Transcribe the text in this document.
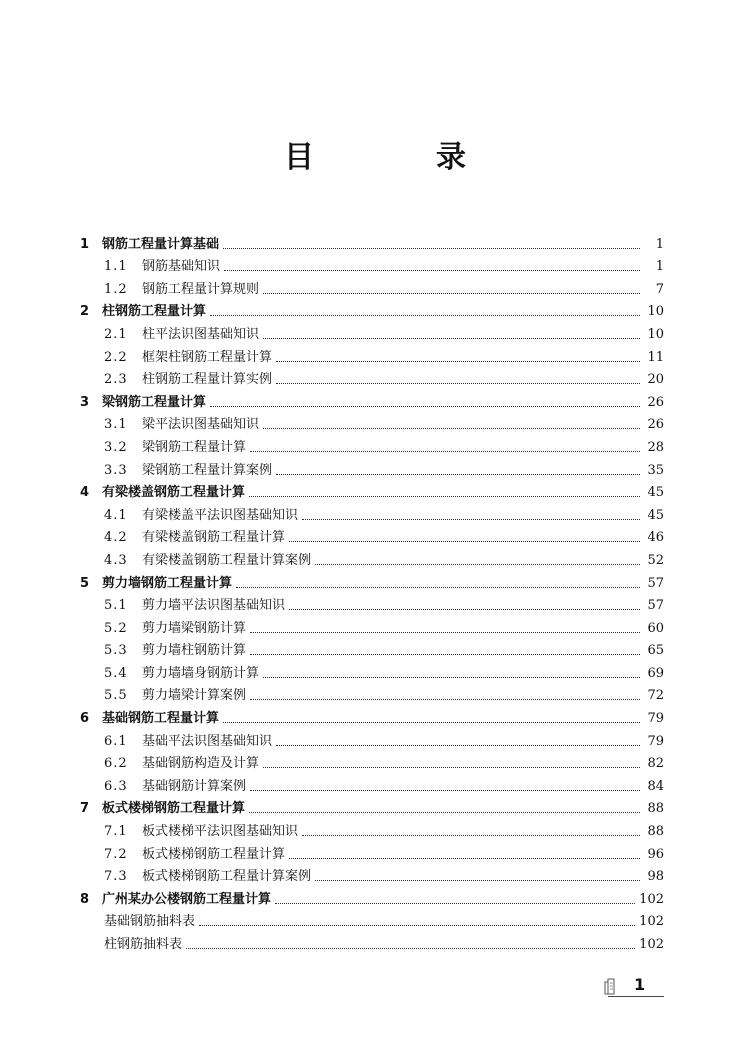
目　录
1 钢筋工程量计算基础	1
1.1	钢筋基础知识	1
1.2	钢筋工程量计算规则	7
2 柱钢筋工程量计算	10
2.1	柱平法识图基础知识	10
2.2	框架柱钢筋工程量计算	11
2.3	柱钢筋工程量计算实例	20
3 梁钢筋工程量计算	26
3.1	梁平法识图基础知识	26
3.2	梁钢筋工程量计算	28
3.3	梁钢筋工程量计算案例	35
4 有梁楼盖钢筋工程量计算	45
4.1	有梁楼盖平法识图基础知识	45
4.2	有梁楼盖钢筋工程量计算	46
4.3	有梁楼盖钢筋工程量计算案例	52
5 剪力墙钢筋工程量计算	57
5.1	剪力墙平法识图基础知识	57
5.2	剪力墙梁钢筋计算	60
5.3	剪力墙柱钢筋计算	65
5.4	剪力墙墙身钢筋计算	69
5.5	剪力墙梁计算案例	72
6 基础钢筋工程量计算	79
6.1	基础平法识图基础知识	79
6.2	基础钢筋构造及计算	82
6.3	基础钢筋计算案例	84
7 板式楼梯钢筋工程量计算	88
7.1	板式楼梯平法识图基础知识	88
7.2	板式楼梯钢筋工程量计算	96
7.3	板式楼梯钢筋工程量计算案例	98
8 广州某办公楼钢筋工程量计算	102
基础钢筋抽料表	102
柱钢筋抽料表	102
1
